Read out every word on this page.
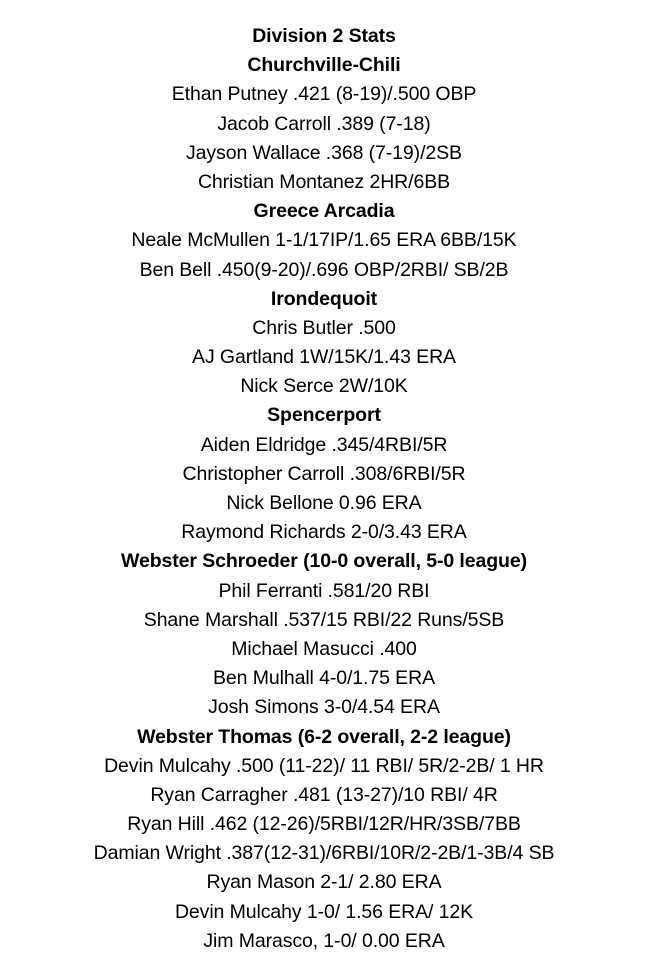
Division 2 Stats
Churchville-Chili
Ethan Putney .421 (8-19)/.500 OBP
Jacob Carroll .389 (7-18)
Jayson Wallace .368 (7-19)/2SB
Christian Montanez 2HR/6BB
Greece Arcadia
Neale McMullen 1-1/17IP/1.65 ERA 6BB/15K
Ben Bell .450(9-20)/.696 OBP/2RBI/ SB/2B
Irondequoit
Chris Butler .500
AJ Gartland 1W/15K/1.43 ERA
Nick Serce 2W/10K
Spencerport
Aiden Eldridge .345/4RBI/5R
Christopher Carroll .308/6RBI/5R
Nick Bellone 0.96 ERA
Raymond Richards 2-0/3.43 ERA
Webster Schroeder (10-0 overall, 5-0 league)
Phil Ferranti .581/20 RBI
Shane Marshall .537/15 RBI/22 Runs/5SB
Michael Masucci .400
Ben Mulhall 4-0/1.75 ERA
Josh Simons 3-0/4.54 ERA
Webster Thomas (6-2 overall, 2-2 league)
Devin Mulcahy .500 (11-22)/ 11 RBI/ 5R/2-2B/ 1 HR
Ryan Carragher .481 (13-27)/10 RBI/ 4R
Ryan Hill .462 (12-26)/5RBI/12R/HR/3SB/7BB
Damian Wright .387(12-31)/6RBI/10R/2-2B/1-3B/4 SB
Ryan Mason 2-1/ 2.80 ERA
Devin Mulcahy 1-0/ 1.56 ERA/ 12K
Jim Marasco, 1-0/ 0.00 ERA
